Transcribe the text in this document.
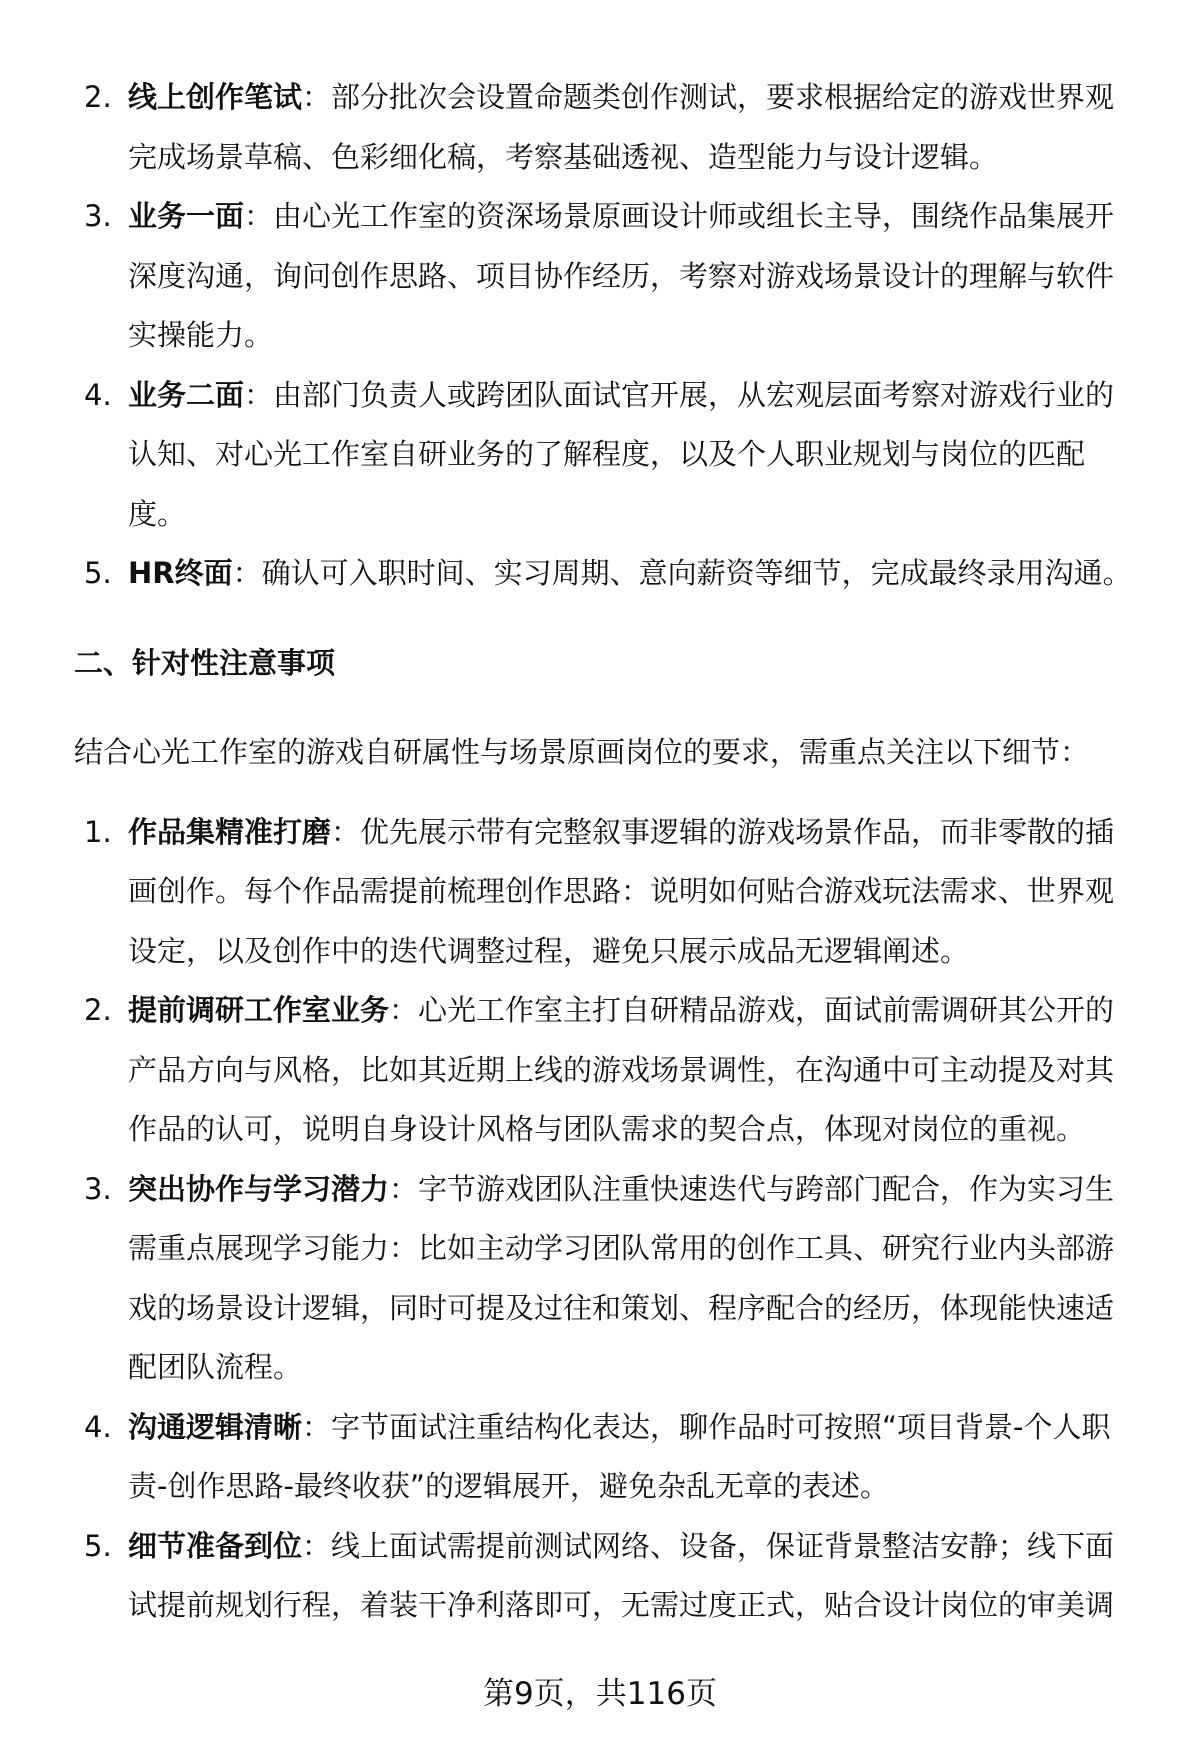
2. 线上创作笔试：部分批次会设置命题类创作测试，要求根据给定的游戏世界观
完成场景草稿、色彩细化稿，考察基础透视、造型能力与设计逻辑。
3. 业务一面：由心光工作室的资深场景原画设计师或组长主导，围绕作品集展开
深度沟通，询问创作思路、项目协作经历，考察对游戏场景设计的理解与软件
实操能力。
4. 业务二面：由部门负责人或跨团队面试官开展，从宏观层面考察对游戏行业的
认知、对心光工作室自研业务的了解程度，以及个人职业规划与岗位的匹配
度。
5. HR终面：确认可入职时间、实习周期、意向薪资等细节，完成最终录用沟通。
二、针对性注意事项
结合心光工作室的游戏自研属性与场景原画岗位的要求，需重点关注以下细节：
1. 作品集精准打磨：优先展示带有完整叙事逻辑的游戏场景作品，而非零散的插
画创作。每个作品需提前梳理创作思路：说明如何贴合游戏玩法需求、世界观
设定，以及创作中的迭代调整过程，避免只展示成品无逻辑阐述。
2. 提前调研工作室业务：心光工作室主打自研精品游戏，面试前需调研其公开的
产品方向与风格，比如其近期上线的游戏场景调性，在沟通中可主动提及对其
作品的认可，说明自身设计风格与团队需求的契合点，体现对岗位的重视。
3. 突出协作与学习潜力：字节游戏团队注重快速迭代与跨部门配合，作为实习生
需重点展现学习能力：比如主动学习团队常用的创作工具、研究行业内头部游
戏的场景设计逻辑，同时可提及过往和策划、程序配合的经历，体现能快速适
配团队流程。
4. 沟通逻辑清晰：字节面试注重结构化表达，聊作品时可按照“项目背景-个人职
责-创作思路-最终收获”的逻辑展开，避免杂乱无章的表述。
5. 细节准备到位：线上面试需提前测试网络、设备，保证背景整洁安静；线下面
试提前规划行程，着装干净利落即可，无需过度正式，贴合设计岗位的审美调
第9页，共116页
